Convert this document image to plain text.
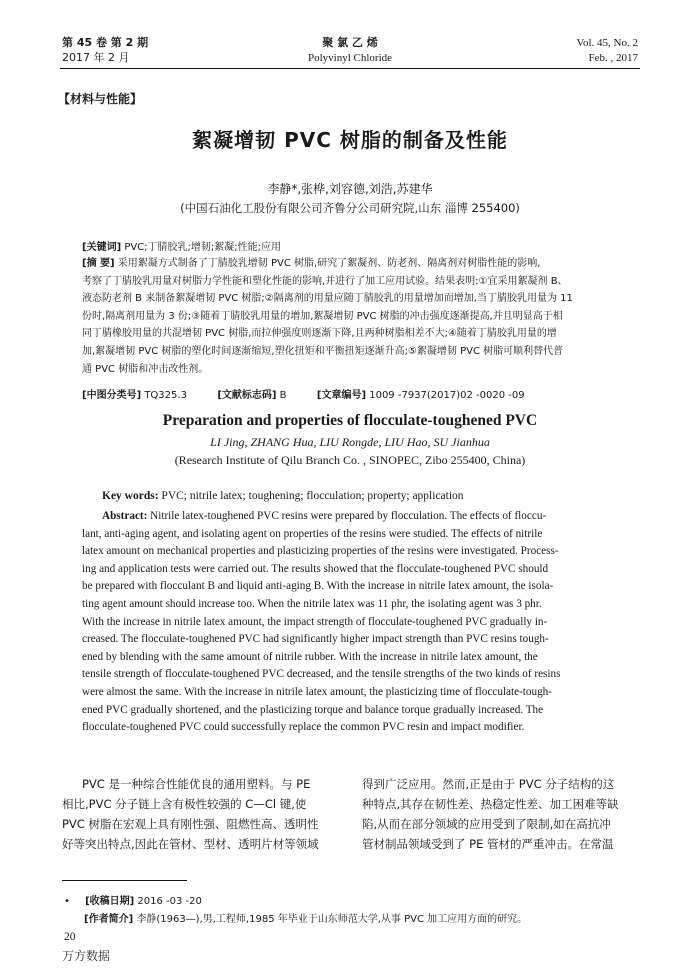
第 45 卷 第 2 期
2017 年 2 月
聚 氯 乙 烯
Polyvinyl Chloride
Vol. 45, No. 2
Feb. , 2017
【材料与性能】
絮凝增韧 PVC 树脂的制备及性能
李静*,张桦,刘容德,刘浩,苏建华
(中国石油化工股份有限公司齐鲁分公司研究院,山东 淄博 255400)
[关键词] PVC;丁腈胶乳;增韧;絮凝;性能;应用
[摘 要] 采用絮凝方式制备了丁腈胶乳增韧 PVC 树脂,研究了絮凝剂、防老剂、隔离剂对树脂性能的影响,
考察了丁腈胶乳用量对树脂力学性能和塑化性能的影响,并进行了加工应用试验。结果表明:①宜采用絮凝剂 B、
液态防老剂 B 来制备絮凝增韧 PVC 树脂;②隔离剂的用量应随丁腈胶乳的用量增加而增加,当丁腈胶乳用量为 11
份时,隔离剂用量为 3 份;③随着丁腈胶乳用量的增加,絮凝增韧 PVC 树脂的冲击强度逐渐提高,并且明显高于相
同丁腈橡胶用量的共混增韧 PVC 树脂,而拉伸强度则逐渐下降,且两种树脂相差不大;④随着丁腈胶乳用量的增
加,絮凝增韧 PVC 树脂的塑化时间逐渐缩短,塑化扭矩和平衡扭矩逐渐升高;⑤絮凝增韧 PVC 树脂可顺利替代普
通 PVC 树脂和冲击改性剂。
[中图分类号] TQ325.3	[文献标志码] B	[文章编号] 1009 -7937(2017)02 -0020 -09
Preparation and properties of flocculate-toughened PVC
LI Jing, ZHANG Hua, LIU Rongde, LIU Hao, SU Jianhua
(Research Institute of Qilu Branch Co. , SINOPEC, Zibo 255400, China)
Key words: PVC; nitrile latex; toughening; flocculation; property; application
Abstract: Nitrile latex-toughened PVC resins were prepared by flocculation. The effects of floccu-
lant, anti-aging agent, and isolating agent on properties of the resins were studied. The effects of nitrile
latex amount on mechanical properties and plasticizing properties of the resins were investigated. Process-
ing and application tests were carried out. The results showed that the flocculate-toughened PVC should
be prepared with flocculant B and liquid anti-aging B. With the increase in nitrile latex amount, the isola-
ting agent amount should increase too. When the nitrile latex was 11 phr, the isolating agent was 3 phr.
With the increase in nitrile latex amount, the impact strength of flocculate-toughened PVC gradually in-
creased. The flocculate-toughened PVC had significantly higher impact strength than PVC resins tough-
ened by blending with the same amount of nitrile rubber. With the increase in nitrile latex amount, the
tensile strength of flocculate-toughened PVC decreased, and the tensile strengths of the two kinds of resins
were almost the same. With the increase in nitrile latex amount, the plasticizing time of flocculate-tough-
ened PVC gradually shortened, and the plasticizing torque and balance torque gradually increased. The
flocculate-toughened PVC could successfully replace the common PVC resin and impact modifier.
PVC 是一种综合性能优良的通用塑料。与 PE
相比,PVC 分子链上含有极性较强的 C—Cl 键,使
PVC 树脂在宏观上具有刚性强、阻燃性高、透明性
好等突出特点,因此在管材、型材、透明片材等领域
得到广泛应用。然而,正是由于 PVC 分子结构的这
种特点,其存在韧性差、热稳定性差、加工困难等缺
陷,从而在部分领域的应用受到了限制,如在高抗冲
管材制品领域受到了 PE 管材的严重冲击。在常温
• [收稿日期] 2016 -03 -20
[作者简介] 李静(1963—),男,工程师,1985 年毕业于山东师范大学,从事 PVC 加工应用方面的研究。
20
万方数据
